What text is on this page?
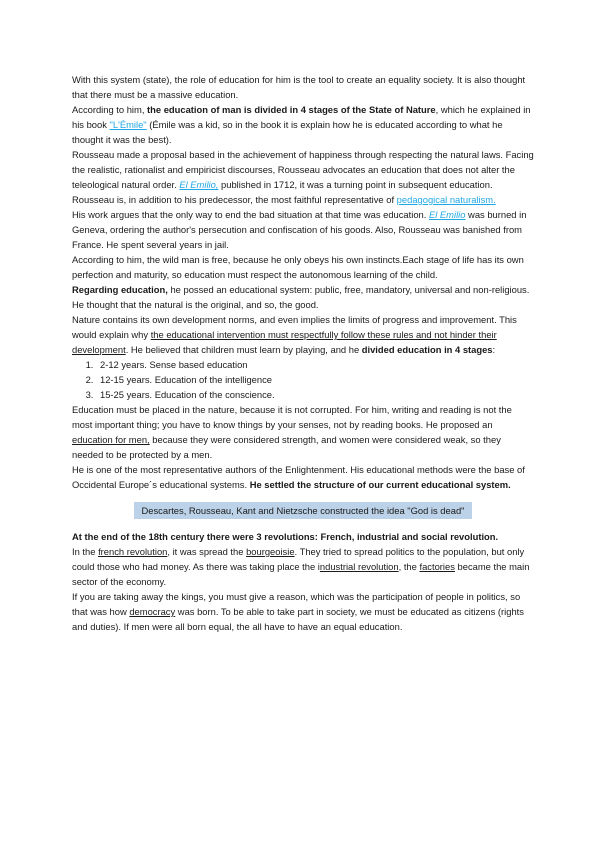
With this system (state), the role of education for him is the tool to create an equality society. It is also thought that there must be a massive education.

According to him, the education of man is divided in 4 stages of the State of Nature, which he explained in his book "L'Émile" (Émile was a kid, so in the book it is explain how he is educated according to what he thought it was the best).

Rousseau made a proposal based in the achievement of happiness through respecting the natural laws. Facing the realistic, rationalist and empiricist discourses, Rousseau advocates an education that does not alter the teleological natural order. El Emilio, published in 1712, it was a turning point in subsequent education. Rousseau is, in addition to his predecessor, the most faithful representative of pedagogical naturalism.

His work argues that the only way to end the bad situation at that time was education. El Emilio was burned in Geneva, ordering the author's persecution and confiscation of his goods. Also, Rousseau was banished from France. He spent several years in jail.

According to him, the wild man is free, because he only obeys his own instincts.Each stage of life has its own perfection and maturity, so education must respect the autonomous learning of the child.

Regarding education, he possed an educational system: public, free, mandatory, universal and non-religious. He thought that the natural is the original, and so, the good.

Nature contains its own development norms, and even implies the limits of progress and improvement. This would explain why the educational intervention must respectfully follow these rules and not hinder their development. He believed that children must learn by playing, and he divided education in 4 stages:

1. 2-12 years. Sense based education
2. 12-15 years. Education of the intelligence
3. 15-25 years. Education of the conscience.

Education must be placed in the nature, because it is not corrupted. For him, writing and reading is not the most important thing; you have to know things by your senses, not by reading books. He proposed an education for men, because they were considered strength, and women were considered weak, so they needed to be protected by a men.

He is one of the most representative authors of the Enlightenment. His educational methods were the base of Occidental Europe´s educational systems. He settled the structure of our current educational system.

Descartes, Rousseau, Kant and Nietzsche constructed the idea "God is dead"

At the end of the 18th century there were 3 revolutions: French, industrial and social revolution.

In the french revolution, it was spread the bourgeoisie. They tried to spread politics to the population, but only could those who had money. As there was taking place the industrial revolution, the factories became the main sector of the economy.

If you are taking away the kings, you must give a reason, which was the participation of people in politics, so that was how democracy was born. To be able to take part in society, we must be educated as citizens (rights and duties). If men were all born equal, the all have to have an equal education.
